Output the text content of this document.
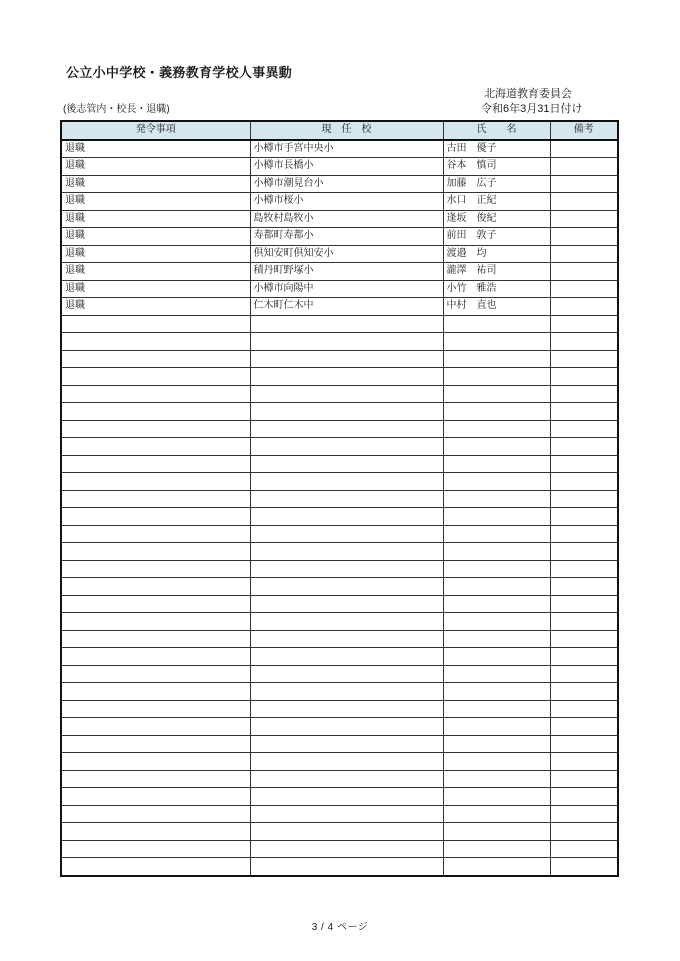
公立小中学校・義務教育学校人事異動
北海道教育委員会
(後志管内・校長・退職)	令和6年3月31日付け
発令事項	現　任　校	氏　　名	備考
退職	小樽市手宮中央小	古田　優子	
退職	小樽市長橋小	谷本　慎司	
退職	小樽市潮見台小	加藤　広子	
退職	小樽市桜小	水口　正紀	
退職	島牧村島牧小	逢坂　俊紀	
退職	寿都町寿都小	前田　敦子	
退職	倶知安町倶知安小	渡邉　均	
退職	積丹町野塚小	瀧澤　祐司	
退職	小樽市向陽中	小竹　雅浩	
退職	仁木町仁木中	中村　直也	

3 / 4 ページ
